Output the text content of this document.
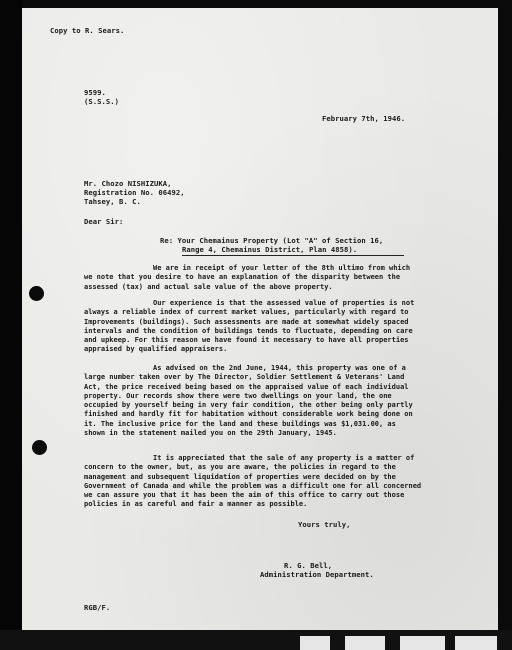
Copy to R. Sears.
9599.
(S.S.S.)
February 7th, 1946.
Mr. Chozo NISHIZUKA,
Registration No. 06492,
Tahsey, B. C.
Dear Sir:
Re: Your Chemainus Property (Lot "A" of Section 16,
Range 4, Chemainus District, Plan 4858).
We are in receipt of your letter of the 8th ultimo from which
we note that you desire to have an explanation of the disparity between the
assessed (tax) and actual sale value of the above property.
Our experience is that the assessed value of properties is not
always a reliable index of current market values, particularly with regard to
Improvements (buildings). Such assessments are made at somewhat widely spaced
intervals and the condition of buildings tends to fluctuate, depending on care
and upkeep. For this reason we have found it necessary to have all properties
appraised by qualified appraisers.
As advised on the 2nd June, 1944, this property was one of a
large number taken over by The Director, Soldier Settlement & Veterans' Land
Act, the price received being based on the appraised value of each individual
property. Our records show there were two dwellings on your land, the one
occupied by yourself being in very fair condition, the other being only partly
finished and hardly fit for habitation without considerable work being done on
it. The inclusive price for the land and these buildings was $1,031.00, as
shown in the statement mailed you on the 29th January, 1945.
It is appreciated that the sale of any property is a matter of
concern to the owner, but, as you are aware, the policies in regard to the
management and subsequent liquidation of properties were decided on by the
Government of Canada and while the problem was a difficult one for all concerned
we can assure you that it has been the aim of this office to carry out those
policies in as careful and fair a manner as possible.
Yours truly,
R. G. Bell,
Administration Department.
RGB/F.
